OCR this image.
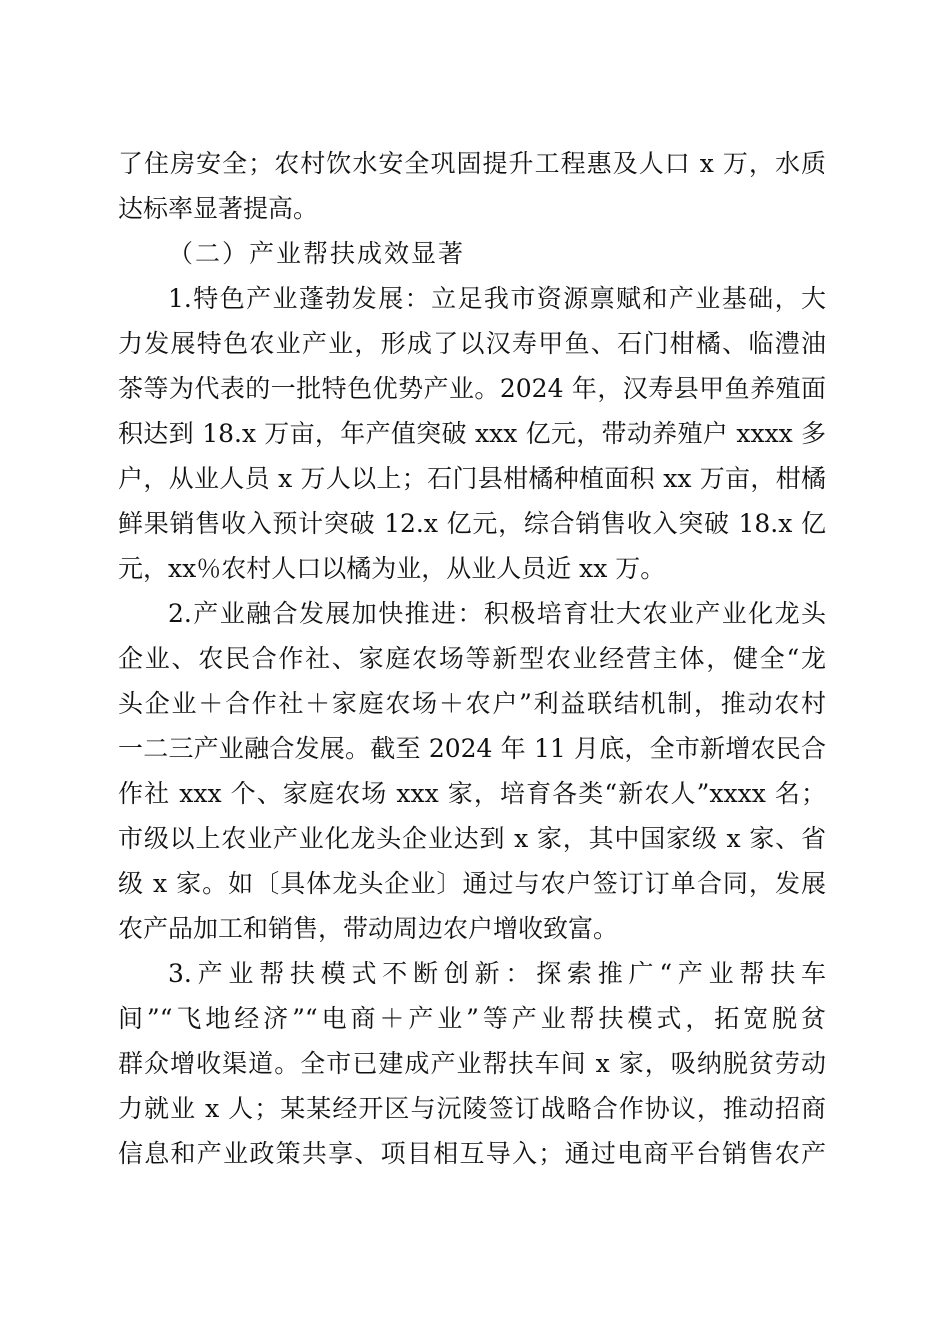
了住房安全；农村饮水安全巩固提升工程惠及人口 x 万，水质
达标率显著提高。
（二）产业帮扶成效显著
1.特色产业蓬勃发展：立足我市资源禀赋和产业基础，大
力发展特色农业产业，形成了以汉寿甲鱼、石门柑橘、临澧油
茶等为代表的一批特色优势产业。2024 年，汉寿县甲鱼养殖面
积达到 18.x 万亩，年产值突破 xxx 亿元，带动养殖户 xxxx 多
户，从业人员 x 万人以上；石门县柑橘种植面积 xx 万亩，柑橘
鲜果销售收入预计突破 12.x 亿元，综合销售收入突破 18.x 亿
元，xx％农村人口以橘为业，从业人员近 xx 万。
2.产业融合发展加快推进：积极培育壮大农业产业化龙头
企业、农民合作社、家庭农场等新型农业经营主体，健全“龙
头企业＋合作社＋家庭农场＋农户”利益联结机制，推动农村
一二三产业融合发展。截至 2024 年 11 月底，全市新增农民合
作社 xxx 个、家庭农场 xxx 家，培育各类“新农人”xxxx 名；
市级以上农业产业化龙头企业达到 x 家，其中国家级 x 家、省
级 x 家。如〔具体龙头企业〕通过与农户签订订单合同，发展
农产品加工和销售，带动周边农户增收致富。
3.产业帮扶模式不断创新：探索推广“产业帮扶车
间”“飞地经济”“电商＋产业”等产业帮扶模式，拓宽脱贫
群众增收渠道。全市已建成产业帮扶车间 x 家，吸纳脱贫劳动
力就业 x 人；某某经开区与沅陵签订战略合作协议，推动招商
信息和产业政策共享、项目相互导入；通过电商平台销售农产
